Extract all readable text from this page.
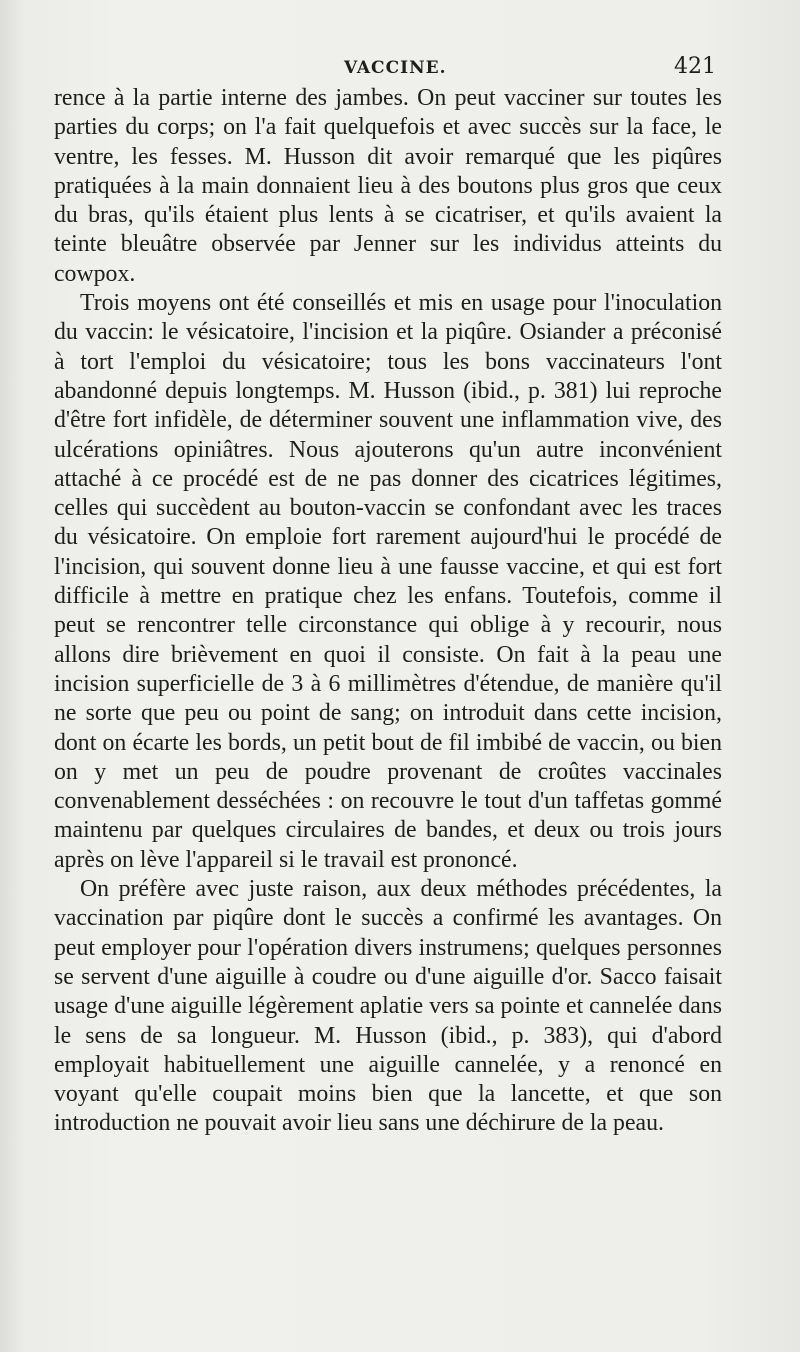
VACCINE.	421

rence à la partie interne des jambes. On peut vacciner sur toutes les parties du corps; on l'a fait quelquefois et avec succès sur la face, le ventre, les fesses. M. Husson dit avoir remarqué que les piqûres pratiquées à la main donnaient lieu à des boutons plus gros que ceux du bras, qu'ils étaient plus lents à se cicatriser, et qu'ils avaient la teinte bleuâtre observée par Jenner sur les individus atteints du cowpox.

Trois moyens ont été conseillés et mis en usage pour l'inoculation du vaccin: le vésicatoire, l'incision et la piqûre. Osiander a préconisé à tort l'emploi du vésicatoire; tous les bons vaccinateurs l'ont abandonné depuis longtemps. M. Husson (ibid., p. 381) lui reproche d'être fort infidèle, de déterminer souvent une inflammation vive, des ulcérations opiniâtres. Nous ajouterons qu'un autre inconvénient attaché à ce procédé est de ne pas donner des cicatrices légitimes, celles qui succèdent au bouton-vaccin se confondant avec les traces du vésicatoire. On emploie fort rarement aujourd'hui le procédé de l'incision, qui souvent donne lieu à une fausse vaccine, et qui est fort difficile à mettre en pratique chez les enfans. Toutefois, comme il peut se rencontrer telle circonstance qui oblige à y recourir, nous allons dire brièvement en quoi il consiste. On fait à la peau une incision superficielle de 3 à 6 millimètres d'étendue, de manière qu'il ne sorte que peu ou point de sang; on introduit dans cette incision, dont on écarte les bords, un petit bout de fil imbibé de vaccin, ou bien on y met un peu de poudre provenant de croûtes vaccinales convenablement desséchées : on recouvre le tout d'un taffetas gommé maintenu par quelques circulaires de bandes, et deux ou trois jours après on lève l'appareil si le travail est prononcé.

On préfère avec juste raison, aux deux méthodes précédentes, la vaccination par piqûre dont le succès a confirmé les avantages. On peut employer pour l'opération divers instrumens; quelques personnes se servent d'une aiguille à coudre ou d'une aiguille d'or. Sacco faisait usage d'une aiguille légèrement aplatie vers sa pointe et cannelée dans le sens de sa longueur. M. Husson (ibid., p. 383), qui d'abord employait habituellement une aiguille cannelée, y a renoncé en voyant qu'elle coupait moins bien que la lancette, et que son introduction ne pouvait avoir lieu sans une déchirure de la peau.
